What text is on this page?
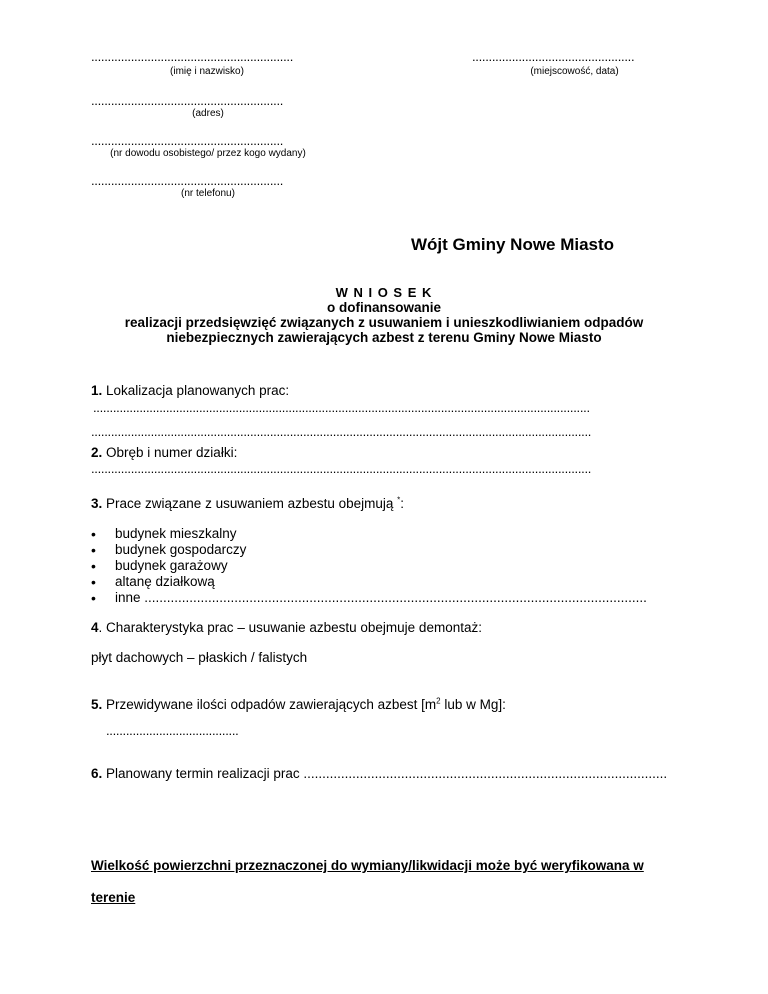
.............................................................
(imię i nazwisko)
.................................................
(miejscowość, data)
..........................................................
(adres)
..........................................................
(nr dowodu osobistego/ przez kogo wydany)
..........................................................
(nr telefonu)
Wójt Gminy Nowe Miasto
W N I O S E K
o dofinansowanie
realizacji przedsięwzięć związanych z usuwaniem i unieszkodliwianiem odpadów
niebezpiecznych zawierających azbest z terenu Gminy Nowe Miasto
1. Lokalizacja planowanych prac:
......................................................................................................................................................
.......................................................................................................................................................
2. Obręb i numer działki:
.......................................................................................................................................................
3. Prace związane z usuwaniem azbestu obejmują *:
• budynek mieszkalny
• budynek gospodarczy
• budynek garażowy
• altanę działkową
• inne ......................................................................................................................................
4. Charakterystyka prac – usuwanie azbestu obejmuje demontaż:
płyt dachowych – płaskich / falistych
5. Przewidywane ilości odpadów zawierających azbest [$m^2$ lub w Mg]:
........................................
6. Planowany termin realizacji prac .................................................................................................
Wielkość powierzchni przeznaczonej do wymiany/likwidacji może być weryfikowana w
terenie
